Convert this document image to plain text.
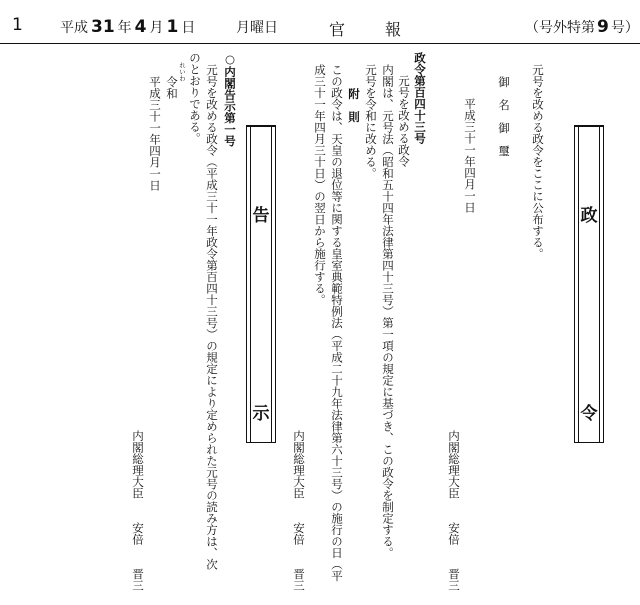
1	平成 31 年 4 月 1 日	月曜日	官報	（号外特第 9 号）
政
令
元号を改める政令をここに公布する。
御　名　御　璽
平成三十一年四月一日
内閣総理大臣　　安倍　　晋三
政令第百四十三号
元号を改める政令
内閣は、元号法（昭和五十四年法律第四十三号）第一項の規定に基づき、この政令を制定する。
元号を令和に改める。
附　則
この政令は、天皇の退位等に関する皇室典範特例法（平成二十九年法律第六十三号）の施行の日（平
成三十一年四月三十日）の翌日から施行する。
内閣総理大臣　　安倍　　晋三
告
示
○内閣告示第一号
元号を改める政令（平成三十一年政令第百四十三号）の規定により定められた元号の読み方は、次
のとおりである。
れいわ
令和
平成三十一年四月一日
内閣総理大臣　　安倍　　晋三
